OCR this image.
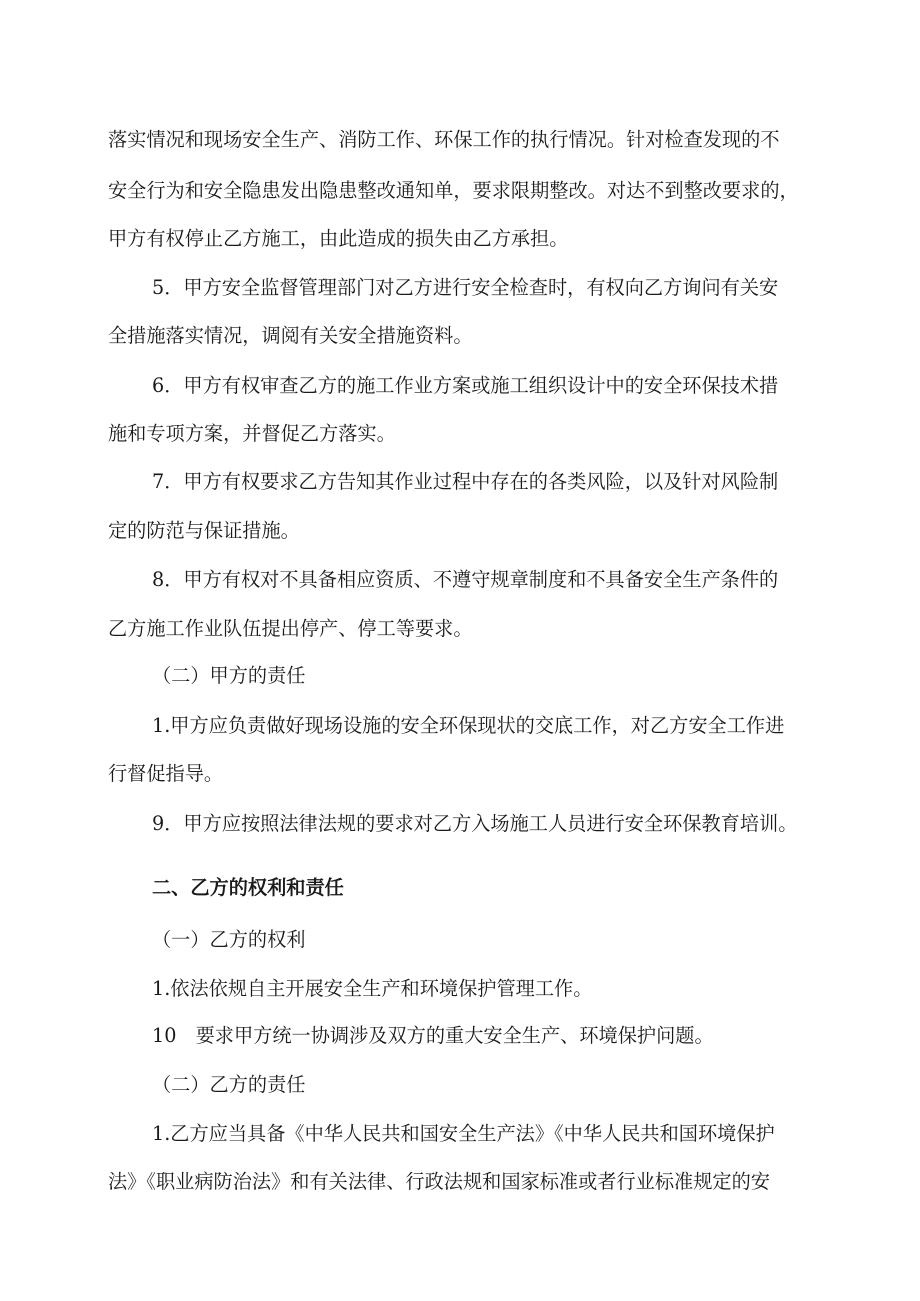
落实情况和现场安全生产、消防工作、环保工作的执行情况。针对检查发现的不
安全行为和安全隐患发出隐患整改通知单，要求限期整改。对达不到整改要求的，
甲方有权停止乙方施工，由此造成的损失由乙方承担。
5．甲方安全监督管理部门对乙方进行安全检查时，有权向乙方询问有关安
全措施落实情况，调阅有关安全措施资料。
6．甲方有权审查乙方的施工作业方案或施工组织设计中的安全环保技术措
施和专项方案，并督促乙方落实。
7．甲方有权要求乙方告知其作业过程中存在的各类风险，以及针对风险制
定的防范与保证措施。
8．甲方有权对不具备相应资质、不遵守规章制度和不具备安全生产条件的
乙方施工作业队伍提出停产、停工等要求。
（二）甲方的责任
1.甲方应负责做好现场设施的安全环保现状的交底工作，对乙方安全工作进
行督促指导。
9．甲方应按照法律法规的要求对乙方入场施工人员进行安全环保教育培训。
二、乙方的权利和责任
（一）乙方的权利
1.依法依规自主开展安全生产和环境保护管理工作。
10　要求甲方统一协调涉及双方的重大安全生产、环境保护问题。
（二）乙方的责任
1.乙方应当具备《中华人民共和国安全生产法》《中华人民共和国环境保护
法》《职业病防治法》和有关法律、行政法规和国家标准或者行业标准规定的安
